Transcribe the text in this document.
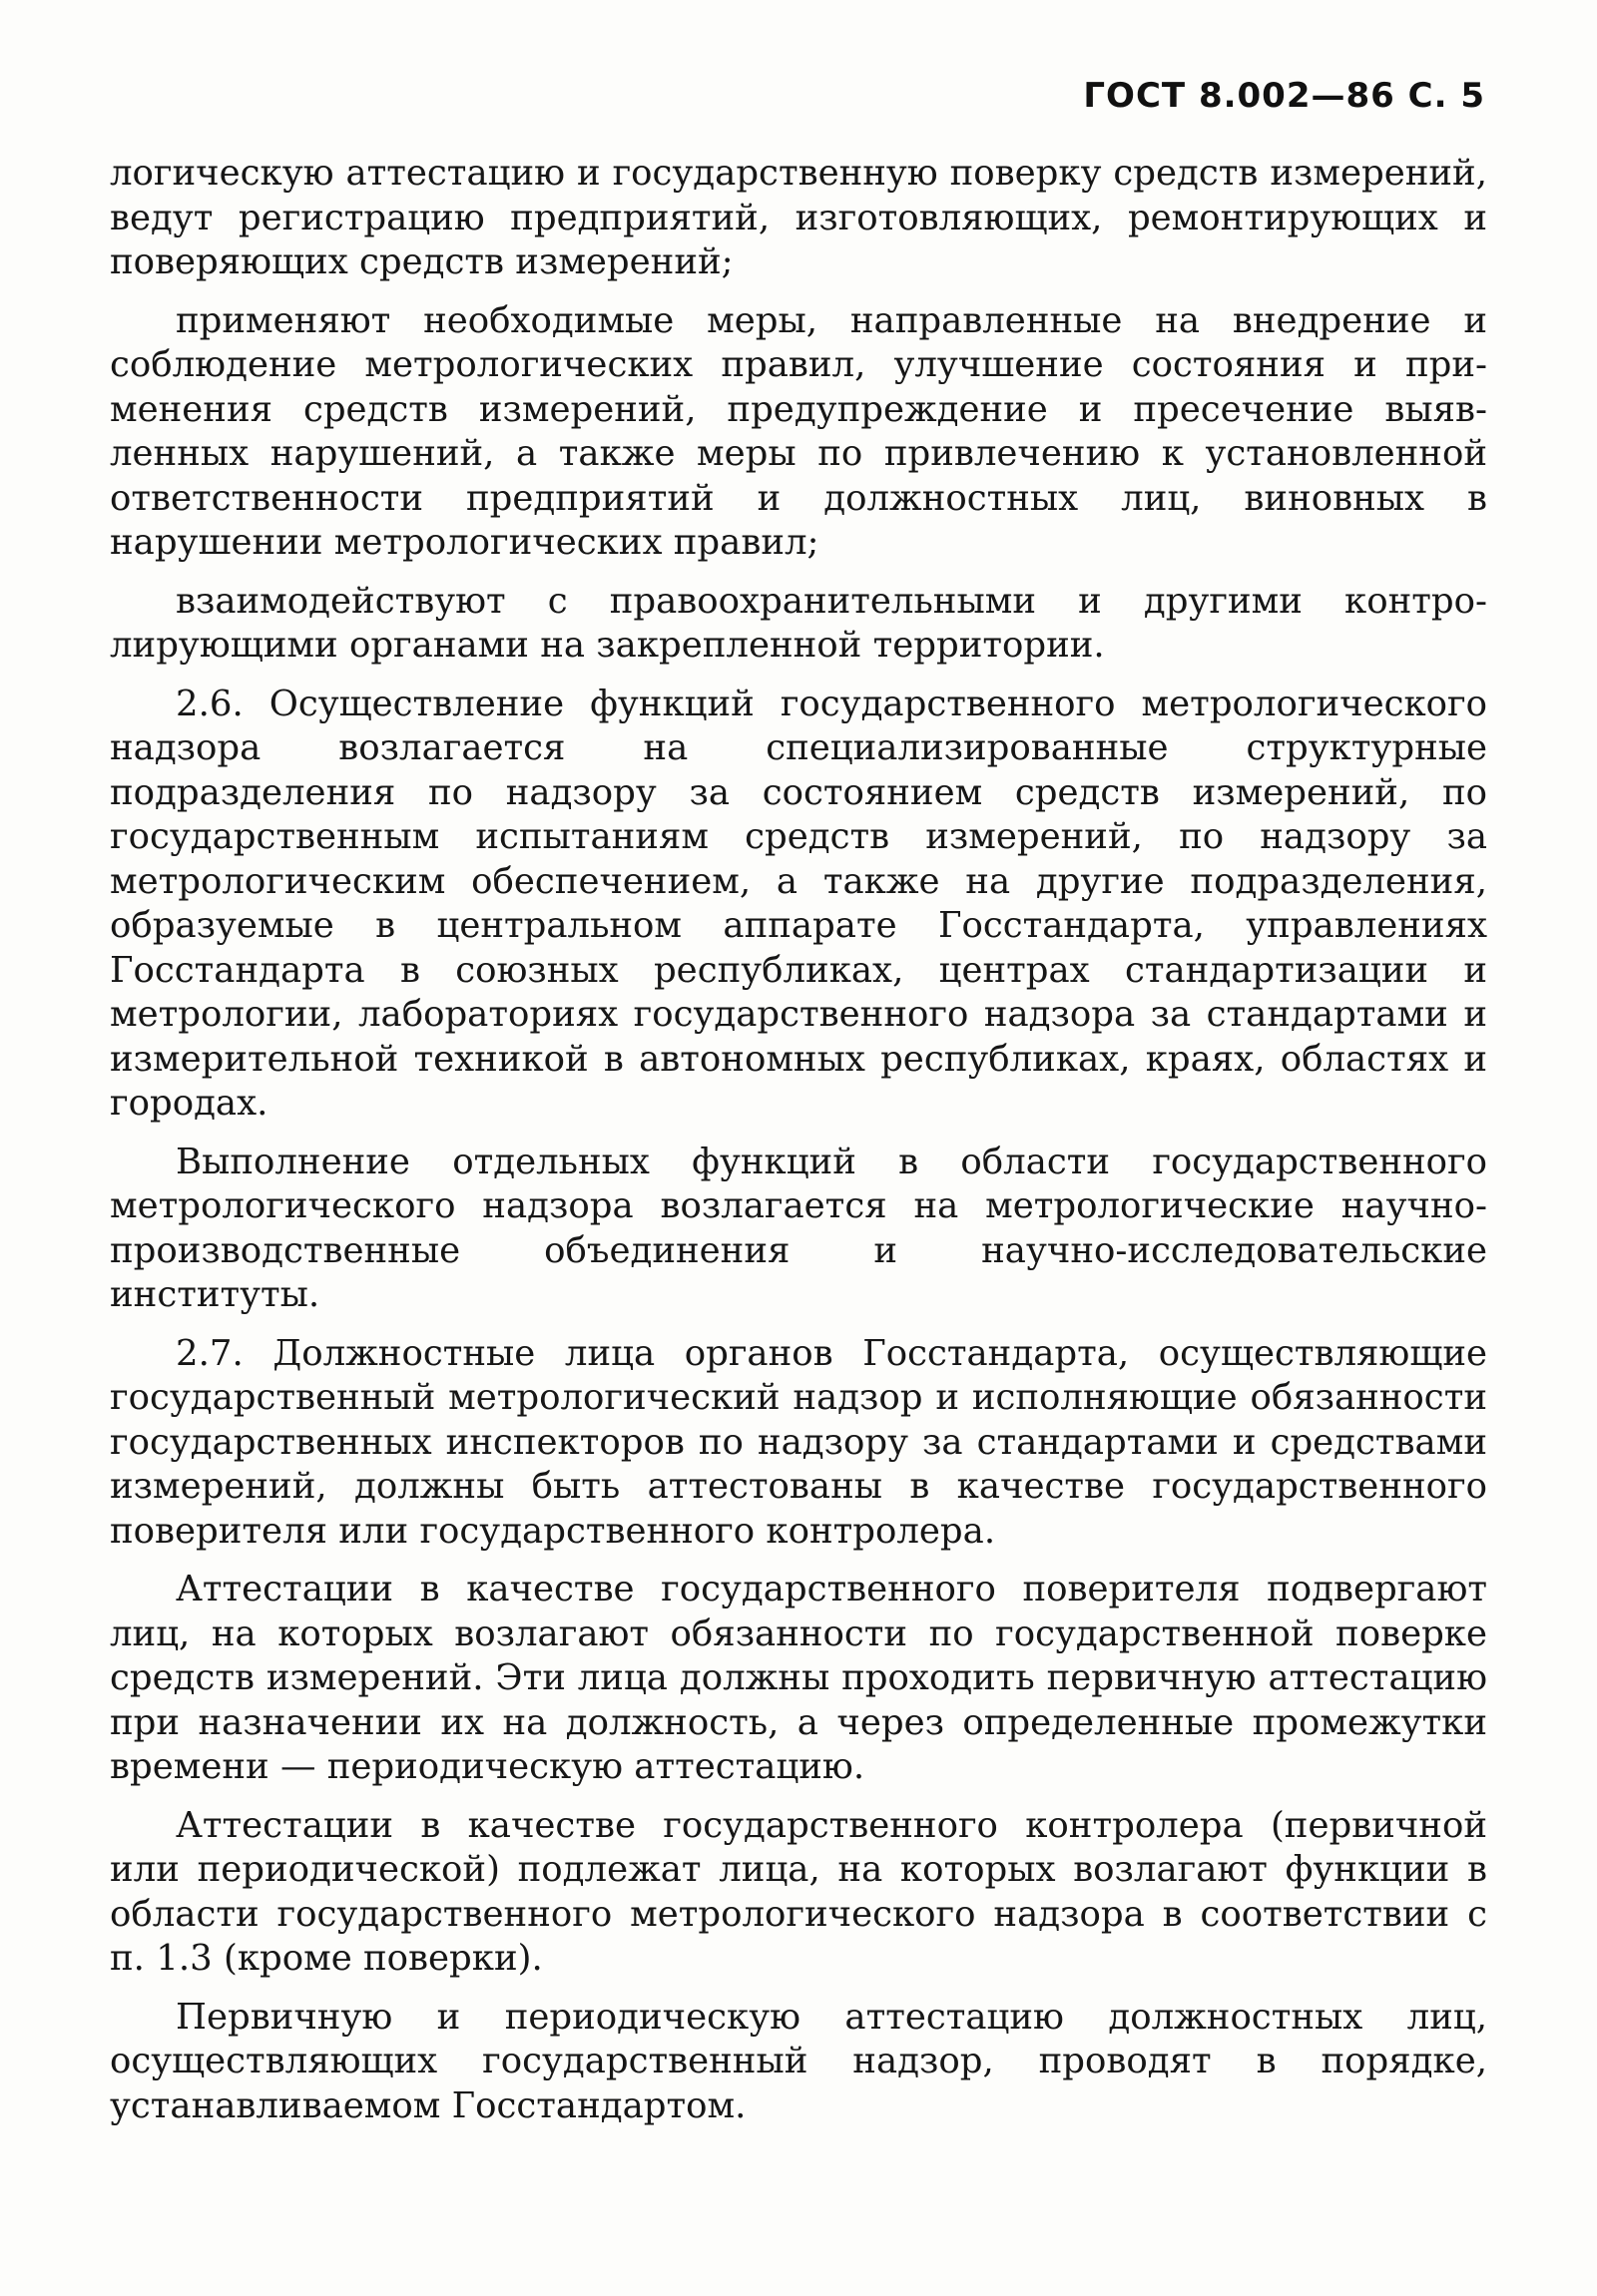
ГОСТ 8.002—86 С. 5

логическую аттестацию и государственную поверку средств измерений, ведут регистрацию предприятий, изготовляющих, ремонтирующих и поверяющих средств измерений;

применяют необходимые меры, направленные на внедрение и соблюдение метрологических правил, улучшение состояния и применения средств измерений, предупреждение и пресечение выявленных нарушений, а также меры по привлечению к установленной ответственности предприятий и должностных лиц, виновных в нарушении метрологических правил;

взаимодействуют с правоохранительными и другими контролирующими органами на закрепленной территории.

2.6. Осуществление функций государственного метрологического надзора возлагается на специализированные структурные подразделения по надзору за состоянием средств измерений, по государственным испытаниям средств измерений, по надзору за метрологическим обеспечением, а также на другие подразделения, образуемые в центральном аппарате Госстандарта, управлениях Госстандарта в союзных республиках, центрах стандартизации и метрологии, лабораториях государственного надзора за стандартами и измерительной техникой в автономных республиках, краях, областях и городах.

Выполнение отдельных функций в области государственного метрологического надзора возлагается на метрологические научно-производственные объединения и научно-исследовательские институты.

2.7. Должностные лица органов Госстандарта, осуществляющие государственный метрологический надзор и исполняющие обязанности государственных инспекторов по надзору за стандартами и средствами измерений, должны быть аттестованы в качестве государственного поверителя или государственного контролера.

Аттестации в качестве государственного поверителя подвергают лиц, на которых возлагают обязанности по государственной поверке средств измерений. Эти лица должны проходить первичную аттестацию при назначении их на должность, а через определенные промежутки времени — периодическую аттестацию.

Аттестации в качестве государственного контролера (первичной или периодической) подлежат лица, на которых возлагают функции в области государственного метрологического надзора в соответствии с п. 1.3 (кроме поверки).

Первичную и периодическую аттестацию должностных лиц, осуществляющих государственный надзор, проводят в порядке, устанавливаемом Госстандартом.
